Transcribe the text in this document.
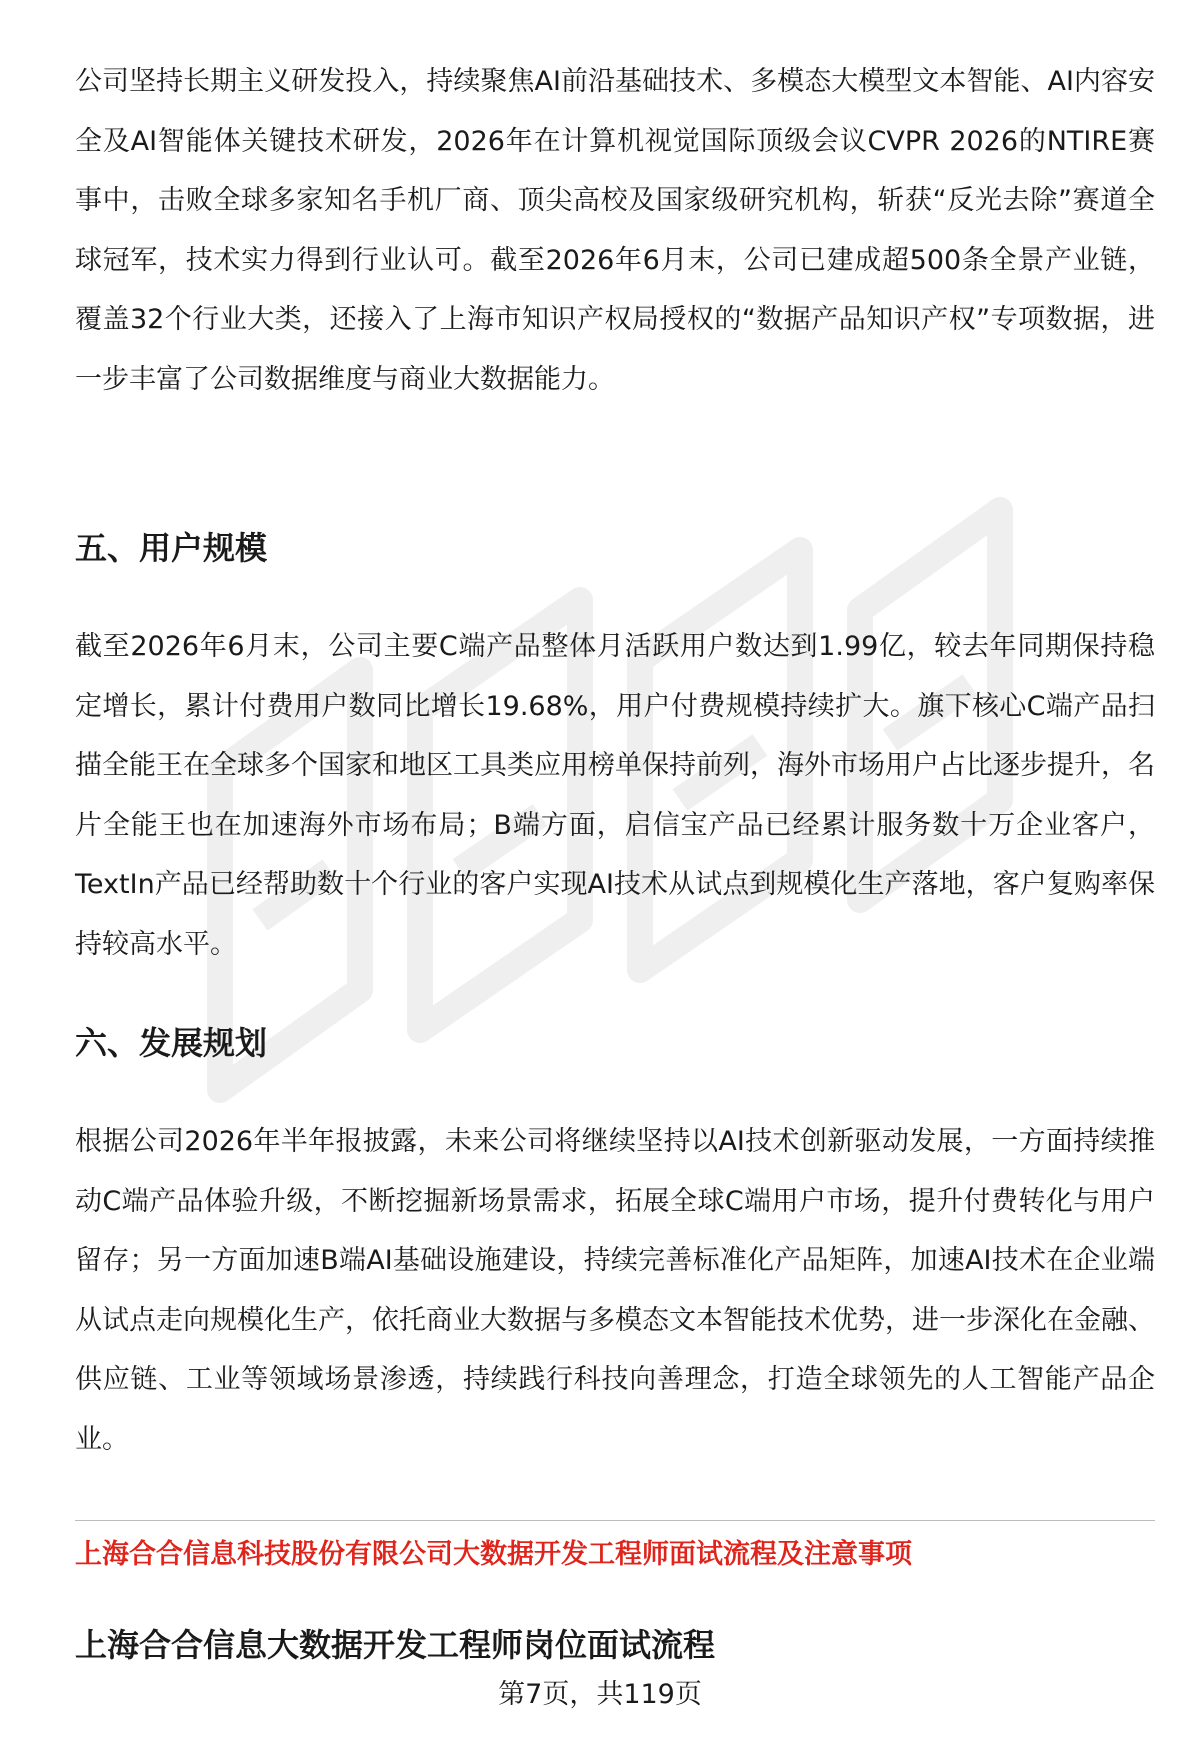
公司坚持长期主义研发投入，持续聚焦AI前沿基础技术、多模态大模型文本智能、AI内容安全及AI智能体关键技术研发，2026年在计算机视觉国际顶级会议CVPR 2026的NTIRE赛事中，击败全球多家知名手机厂商、顶尖高校及国家级研究机构，斩获“反光去除”赛道全球冠军，技术实力得到行业认可。截至2026年6月末，公司已建成超500条全景产业链，覆盖32个行业大类，还接入了上海市知识产权局授权的“数据产品知识产权”专项数据，进一步丰富了公司数据维度与商业大数据能力。

五、用户规模

截至2026年6月末，公司主要C端产品整体月活跃用户数达到1.99亿，较去年同期保持稳定增长，累计付费用户数同比增长19.68%，用户付费规模持续扩大。旗下核心C端产品扫描全能王在全球多个国家和地区工具类应用榜单保持前列，海外市场用户占比逐步提升，名片全能王也在加速海外市场布局；B端方面，启信宝产品已经累计服务数十万企业客户，TextIn产品已经帮助数十个行业的客户实现AI技术从试点到规模化生产落地，客户复购率保持较高水平。

六、发展规划

根据公司2026年半年报披露，未来公司将继续坚持以AI技术创新驱动发展，一方面持续推动C端产品体验升级，不断挖掘新场景需求，拓展全球C端用户市场，提升付费转化与用户留存；另一方面加速B端AI基础设施建设，持续完善标准化产品矩阵，加速AI技术在企业端从试点走向规模化生产，依托商业大数据与多模态文本智能技术优势，进一步深化在金融、供应链、工业等领域场景渗透，持续践行科技向善理念，打造全球领先的人工智能产品企业。

上海合合信息科技股份有限公司大数据开发工程师面试流程及注意事项

上海合合信息大数据开发工程师岗位面试流程

第7页，共119页
